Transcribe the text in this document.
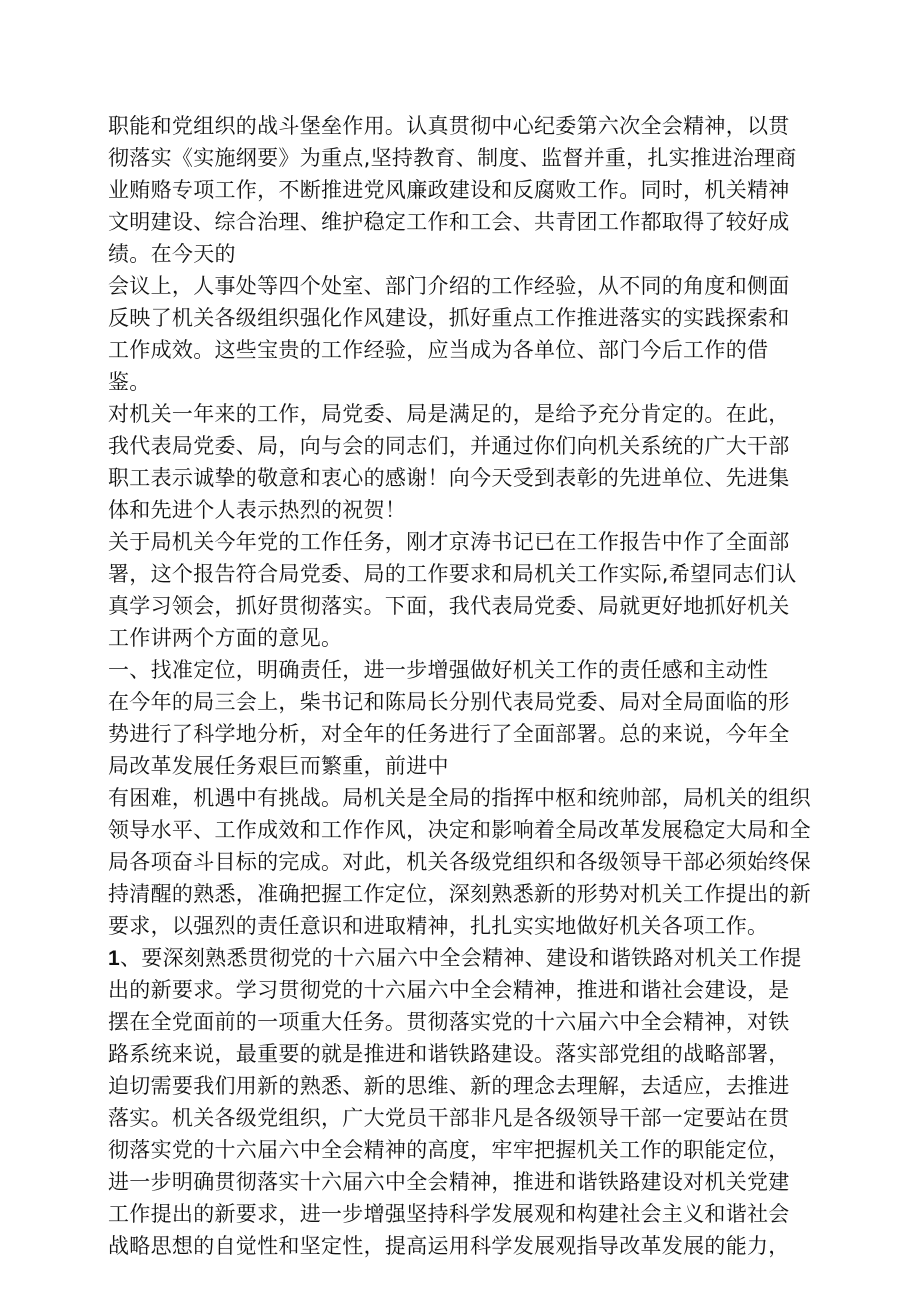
职能和党组织的战斗堡垒作用。认真贯彻中心纪委第六次全会精神，以贯
彻落实《实施纲要》为重点,坚持教育、制度、监督并重，扎实推进治理商
业贿赂专项工作，不断推进党风廉政建设和反腐败工作。同时，机关精神
文明建设、综合治理、维护稳定工作和工会、共青团工作都取得了较好成
绩。在今天的
会议上，人事处等四个处室、部门介绍的工作经验，从不同的角度和侧面
反映了机关各级组织强化作风建设，抓好重点工作推进落实的实践探索和
工作成效。这些宝贵的工作经验，应当成为各单位、部门今后工作的借
鉴。
对机关一年来的工作，局党委、局是满足的，是给予充分肯定的。在此，
我代表局党委、局，向与会的同志们，并通过你们向机关系统的广大干部
职工表示诚挚的敬意和衷心的感谢！向今天受到表彰的先进单位、先进集
体和先进个人表示热烈的祝贺！
关于局机关今年党的工作任务，刚才京涛书记已在工作报告中作了全面部
署，这个报告符合局党委、局的工作要求和局机关工作实际,希望同志们认
真学习领会，抓好贯彻落实。下面，我代表局党委、局就更好地抓好机关
工作讲两个方面的意见。
一、找准定位，明确责任，进一步增强做好机关工作的责任感和主动性
在今年的局三会上，柴书记和陈局长分别代表局党委、局对全局面临的形
势进行了科学地分析，对全年的任务进行了全面部署。总的来说，今年全
局改革发展任务艰巨而繁重，前进中
有困难，机遇中有挑战。局机关是全局的指挥中枢和统帅部，局机关的组织
领导水平、工作成效和工作作风，决定和影响着全局改革发展稳定大局和全
局各项奋斗目标的完成。对此，机关各级党组织和各级领导干部必须始终保
持清醒的熟悉，准确把握工作定位，深刻熟悉新的形势对机关工作提出的新
要求，以强烈的责任意识和进取精神，扎扎实实地做好机关各项工作。
1、要深刻熟悉贯彻党的十六届六中全会精神、建设和谐铁路对机关工作提
出的新要求。学习贯彻党的十六届六中全会精神，推进和谐社会建设，是
摆在全党面前的一项重大任务。贯彻落实党的十六届六中全会精神，对铁
路系统来说，最重要的就是推进和谐铁路建设。落实部党组的战略部署，
迫切需要我们用新的熟悉、新的思维、新的理念去理解，去适应，去推进
落实。机关各级党组织，广大党员干部非凡是各级领导干部一定要站在贯
彻落实党的十六届六中全会精神的高度，牢牢把握机关工作的职能定位，
进一步明确贯彻落实十六届六中全会精神，推进和谐铁路建设对机关党建
工作提出的新要求，进一步增强坚持科学发展观和构建社会主义和谐社会
战略思想的自觉性和坚定性，提高运用科学发展观指导改革发展的能力，
